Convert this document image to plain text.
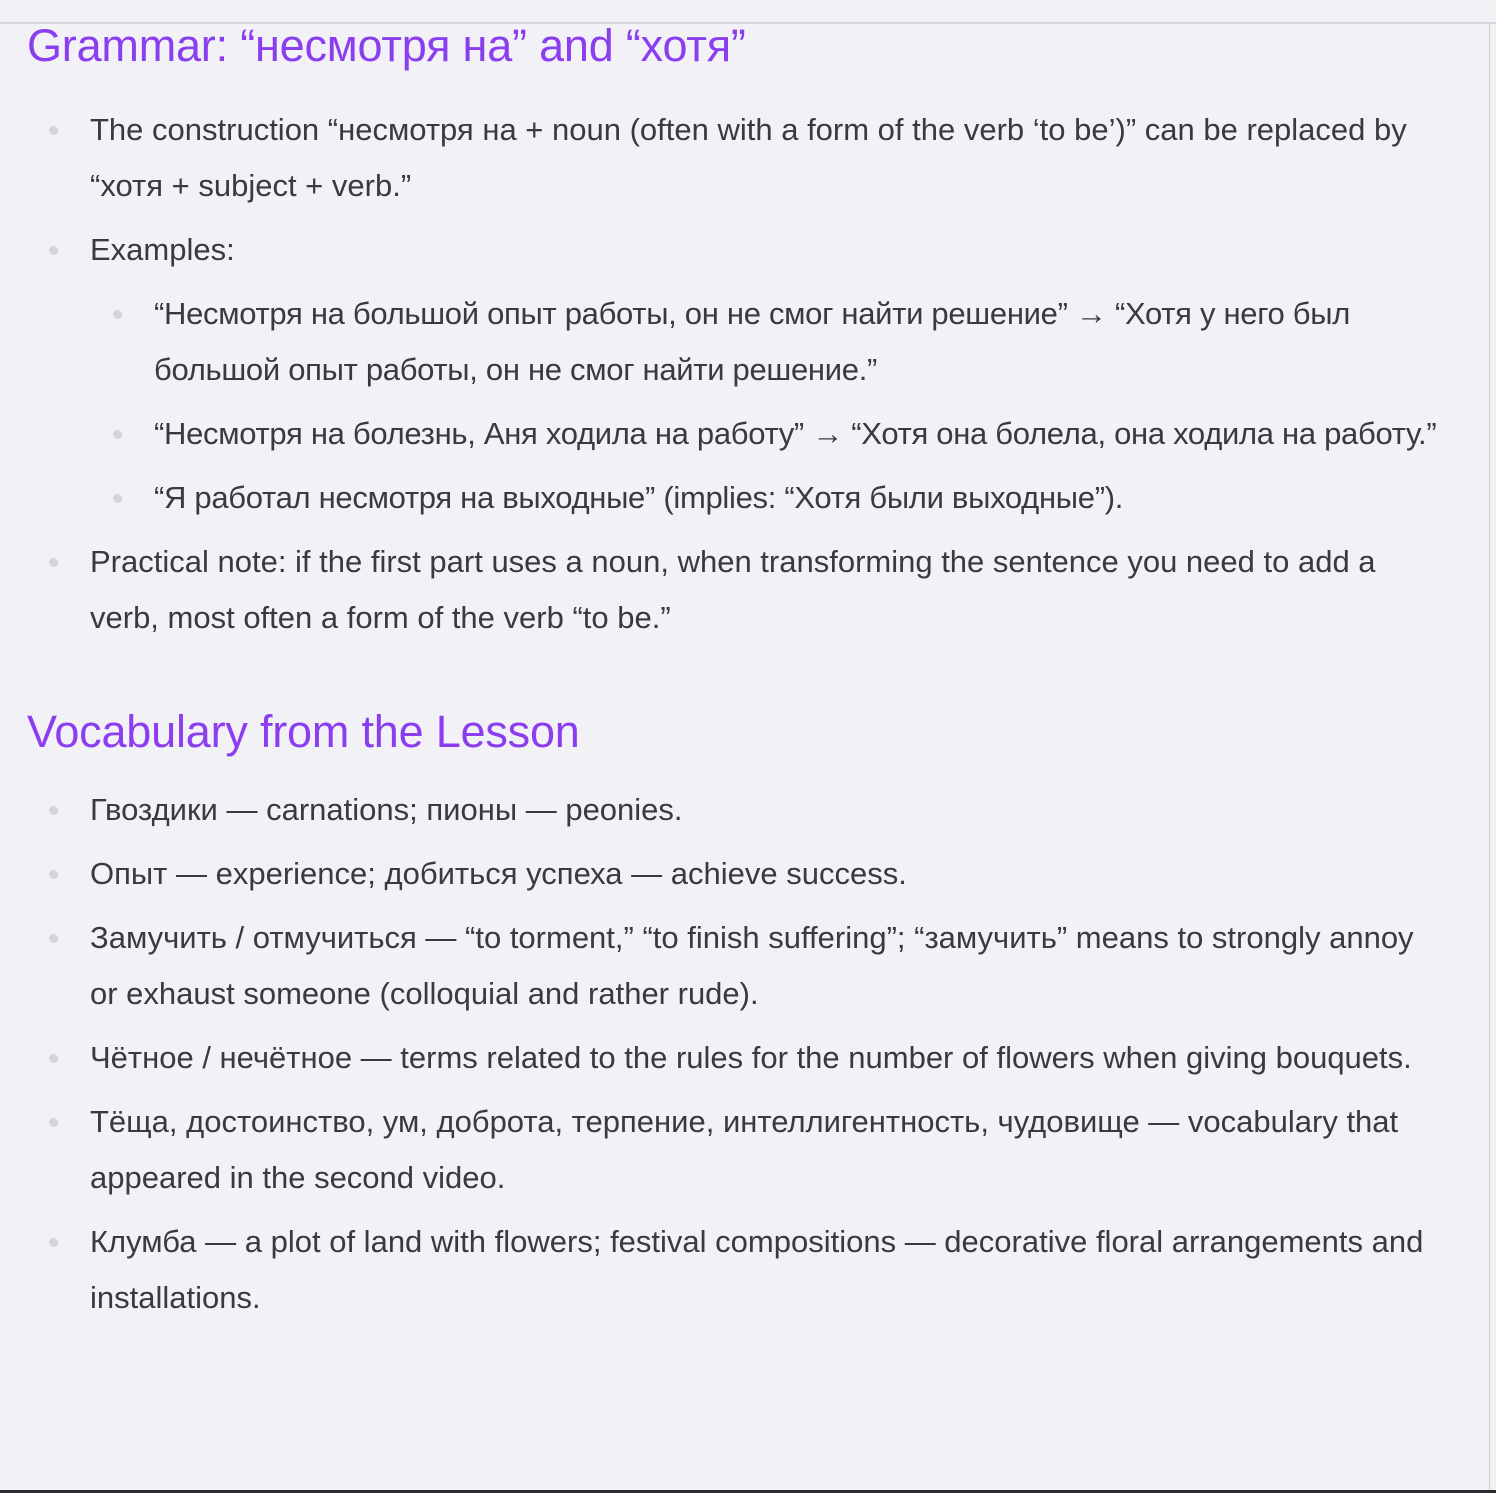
Grammar: “несмотря на” and “хотя”
The construction “несмотря на + noun (often with a form of the verb ‘to be’)” can be replaced by “хотя + subject + verb.”
Examples:
“Несмотря на большой опыт работы, он не смог найти решение” → “Хотя у него был большой опыт работы, он не смог найти решение.”
“Несмотря на болезнь, Аня ходила на работу” → “Хотя она болела, она ходила на работу.”
“Я работал несмотря на выходные” (implies: “Хотя были выходные”).
Practical note: if the first part uses a noun, when transforming the sentence you need to add a verb, most often a form of the verb “to be.”
Vocabulary from the Lesson
Гвоздики — carnations; пионы — peonies.
Опыт — experience; добиться успеха — achieve success.
Замучить / отмучиться — “to torment,” “to finish suffering”; “замучить” means to strongly annoy or exhaust someone (colloquial and rather rude).
Чётное / нечётное — terms related to the rules for the number of flowers when giving bouquets.
Тёща, достоинство, ум, доброта, терпение, интеллигентность, чудовище — vocabulary that appeared in the second video.
Клумба — a plot of land with flowers; festival compositions — decorative floral arrangements and installations.
